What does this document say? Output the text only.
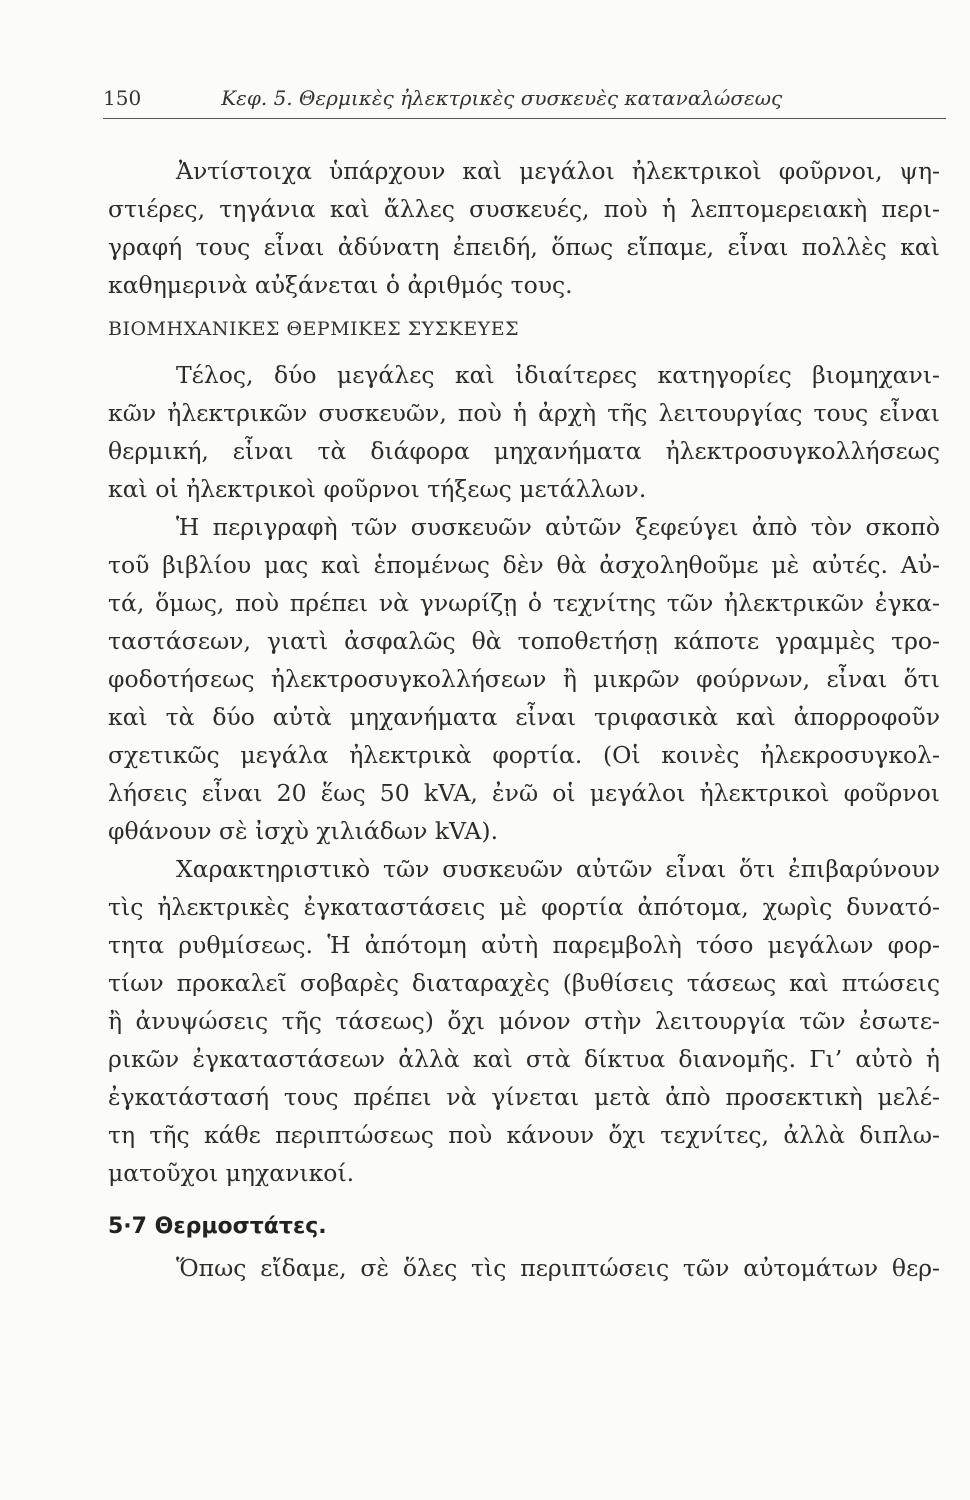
150	Κεφ. 5. Θερμικὲς ἠλεκτρικὲς συσκευὲς καταναλώσεως

Ἀντίστοιχα ὑπάρχουν καὶ μεγάλοι ἠλεκτρικοὶ φοῦρνοι, ψη-
στιέρες, τηγάνια καὶ ἄλλες συσκευές, ποὺ ἡ λεπτομερειακὴ περι-
γραφή τους εἶναι ἀδύνατη ἐπειδή, ὅπως εἴπαμε, εἶναι πολλὲς καὶ
καθημερινὰ αὐξάνεται ὁ ἀριθμός τους.

ΒΙΟΜΗΧΑΝΙΚΕΣ ΘΕΡΜΙΚΕΣ ΣΥΣΚΕΥΕΣ

Τέλος, δύο μεγάλες καὶ ἰδιαίτερες κατηγορίες βιομηχανι-
κῶν ἠλεκτρικῶν συσκευῶν, ποὺ ἡ ἀρχὴ τῆς λειτουργίας τους εἶναι
θερμική, εἶναι τὰ διάφορα μηχανήματα ἠλεκτροσυγκολλήσεως
καὶ οἱ ἠλεκτρικοὶ φοῦρνοι τήξεως μετάλλων.

Ἡ περιγραφὴ τῶν συσκευῶν αὐτῶν ξεφεύγει ἀπὸ τὸν σκοπὸ
τοῦ βιβλίου μας καὶ ἑπομένως δὲν θὰ ἀσχοληθοῦμε μὲ αὐτές. Αὐ-
τά, ὅμως, ποὺ πρέπει νὰ γνωρίζῃ ὁ τεχνίτης τῶν ἠλεκτρικῶν ἐγκα-
ταστάσεων, γιατὶ ἀσφαλῶς θὰ τοποθετήσῃ κάποτε γραμμὲς τρο-
φοδοτήσεως ἠλεκτροσυγκολλήσεων ἢ μικρῶν φούρνων, εἶναι ὅτι
καὶ τὰ δύο αὐτὰ μηχανήματα εἶναι τριφασικὰ καὶ ἀπορροφοῦν
σχετικῶς μεγάλα ἠλεκτρικὰ φορτία. (Οἱ κοινὲς ἠλεκροσυγκολ-
λήσεις εἶναι 20 ἕως 50 kVA, ἐνῶ οἱ μεγάλοι ἠλεκτρικοὶ φοῦρνοι
φθάνουν σὲ ἰσχὺ χιλιάδων kVA).

Χαρακτηριστικὸ τῶν συσκευῶν αὐτῶν εἶναι ὅτι ἐπιβαρύνουν
τὶς ἠλεκτρικὲς ἐγκαταστάσεις μὲ φορτία ἀπότομα, χωρὶς δυνατό-
τητα ρυθμίσεως. Ἡ ἀπότομη αὐτὴ παρεμβολὴ τόσο μεγάλων φορ-
τίων προκαλεῖ σοβαρὲς διαταραχὲς (βυθίσεις τάσεως καὶ πτώσεις
ἢ ἀνυψώσεις τῆς τάσεως) ὄχι μόνον στὴν λειτουργία τῶν ἐσωτε-
ρικῶν ἐγκαταστάσεων ἀλλὰ καὶ στὰ δίκτυα διανομῆς. Γι’ αὐτὸ ἡ
ἐγκατάστασή τους πρέπει νὰ γίνεται μετὰ ἀπὸ προσεκτικὴ μελέ-
τη τῆς κάθε περιπτώσεως ποὺ κάνουν ὄχι τεχνίτες, ἀλλὰ διπλω-
ματοῦχοι μηχανικοί.

5·7 Θερμοστάτες.

Ὅπως εἴδαμε, σὲ ὅλες τὶς περιπτώσεις τῶν αὐτομάτων θερ-
